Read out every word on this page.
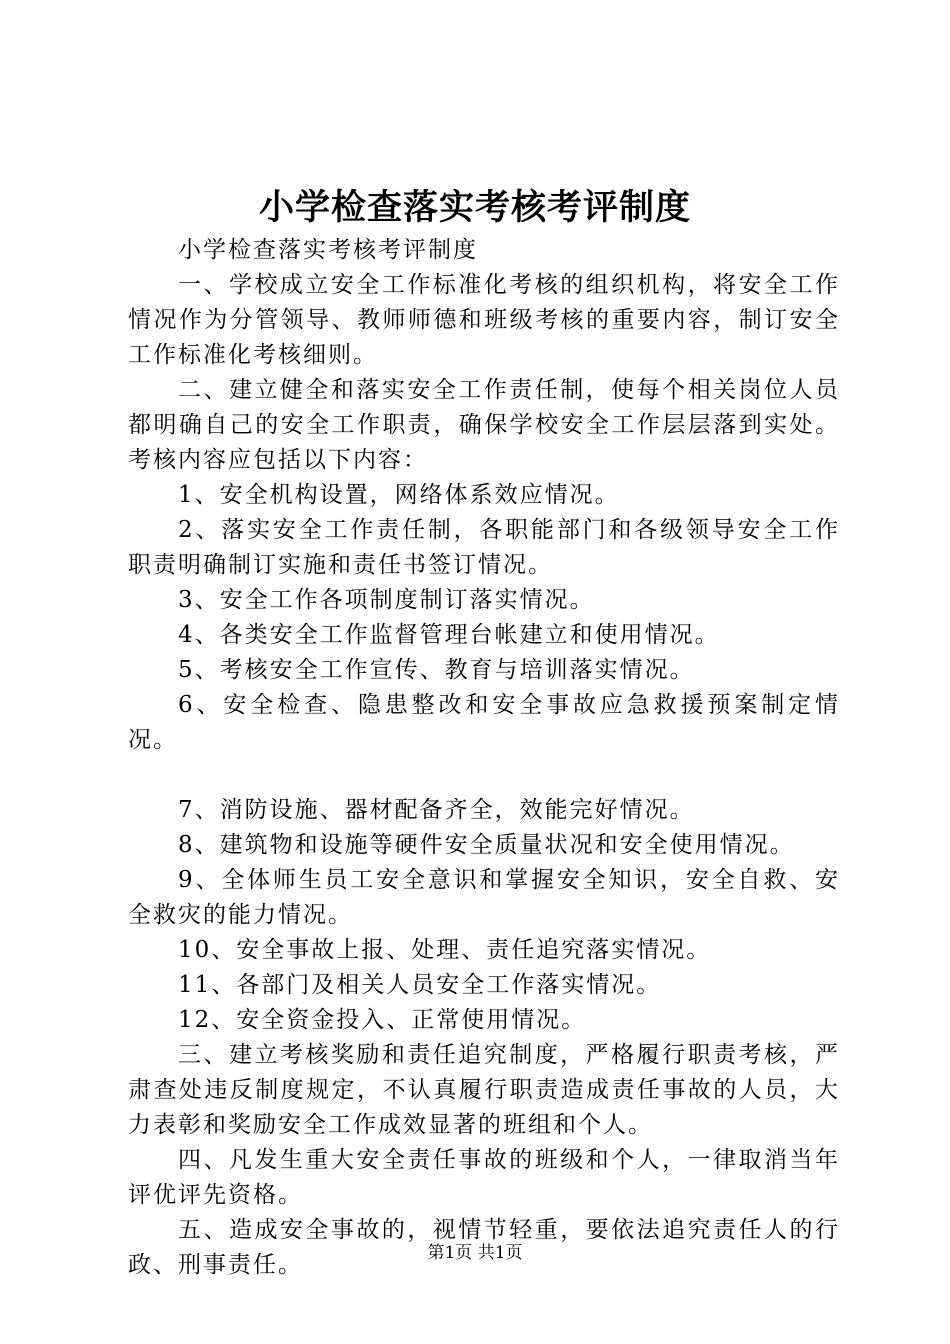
小学检查落实考核考评制度

小学检查落实考核考评制度

一、学校成立安全工作标准化考核的组织机构，将安全工作情况作为分管领导、教师师德和班级考核的重要内容，制订安全工作标准化考核细则。

二、建立健全和落实安全工作责任制，使每个相关岗位人员都明确自己的安全工作职责，确保学校安全工作层层落到实处。考核内容应包括以下内容：

1、安全机构设置，网络体系效应情况。

2、落实安全工作责任制，各职能部门和各级领导安全工作职责明确制订实施和责任书签订情况。

3、安全工作各项制度制订落实情况。

4、各类安全工作监督管理台帐建立和使用情况。

5、考核安全工作宣传、教育与培训落实情况。

6、安全检查、隐患整改和安全事故应急救援预案制定情况。

7、消防设施、器材配备齐全，效能完好情况。

8、建筑物和设施等硬件安全质量状况和安全使用情况。

9、全体师生员工安全意识和掌握安全知识，安全自救、安全救灾的能力情况。

10、安全事故上报、处理、责任追究落实情况。

11、各部门及相关人员安全工作落实情况。

12、安全资金投入、正常使用情况。

三、建立考核奖励和责任追究制度，严格履行职责考核，严肃查处违反制度规定，不认真履行职责造成责任事故的人员，大力表彰和奖励安全工作成效显著的班组和个人。

四、凡发生重大安全责任事故的班级和个人，一律取消当年评优评先资格。

五、造成安全事故的，视情节轻重，要依法追究责任人的行政、刑事责任。	第1页 共1页
